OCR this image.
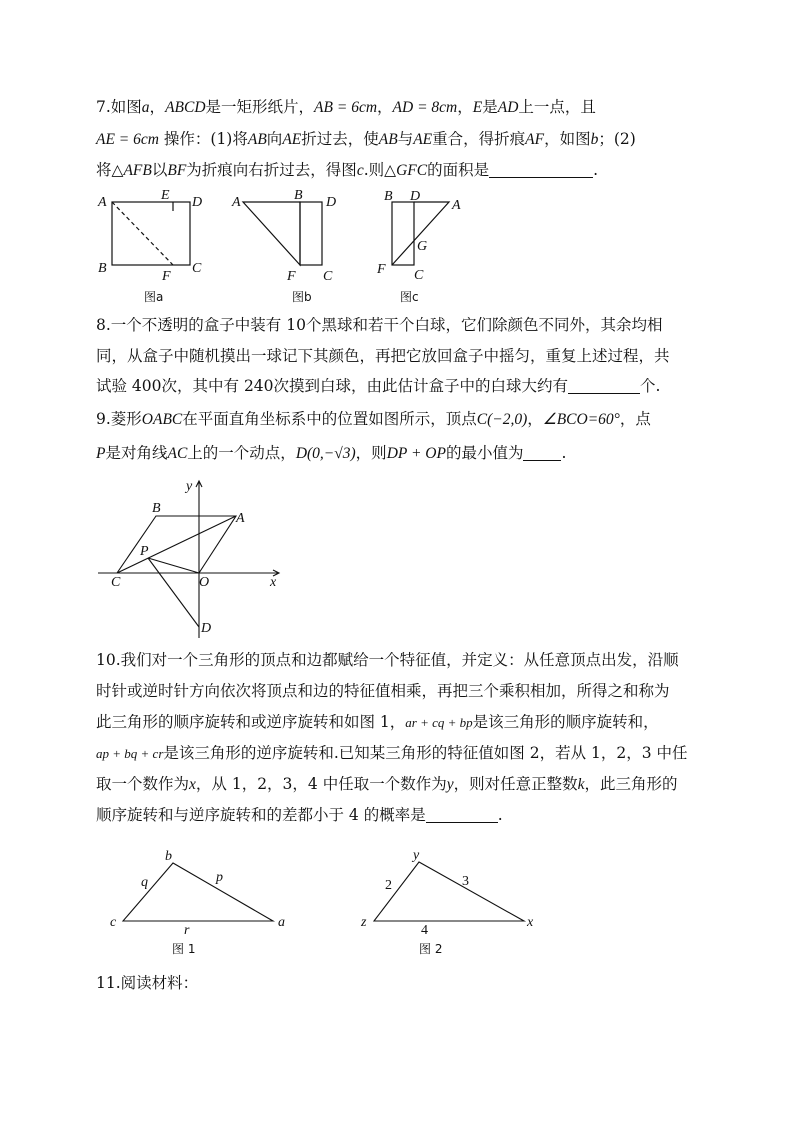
7.如图a，ABCD是一矩形纸片，AB = 6cm，AD = 8cm，E是AD上一点，且
AE = 6cm 操作：(1)将AB向AE折过去，使AB与AE重合，得折痕AF，如图b；(2)
将△AFB以BF为折痕向右折过去，得图c.则△GFC的面积是	.
A	E D
B
F
C
图a
A	B D
F C
图b
B D
A
G
F C
图c
8.一个不透明的盒子中装有 10个黑球和若干个白球，它们除颜色不同外，其余均相
同，从盒子中随机摸出一球记下其颜色，再把它放回盒子中摇匀，重复上述过程，共
试验 400次，其中有 240次摸到白球，由此估计盒子中的白球大约有	个.
9.菱形OABC在平面直角坐标系中的位置如图所示，顶点C(−2,0)，∠BCO=60°，点
P是对角线AC上的一个动点，D(0,−√3)，则DP + OP的最小值为 .
y
B
A
P
C	O	x
D
10.我们对一个三角形的顶点和边都赋给一个特征值，并定义：从任意顶点出发，沿顺
时针或逆时针方向依次将顶点和边的特征值相乘，再把三个乘积相加，所得之和称为
此三角形的顺序旋转和或逆序旋转和如图 1，ar + cq + bp是该三角形的顺序旋转和，
ap + bq + cr是该三角形的逆序旋转和.已知某三角形的特征值如图 2，若从 1，2，3 中任
取一个数作为x，从 1，2，3，4 中任取一个数作为y，则对任意正整数k，此三角形的
顺序旋转和与逆序旋转和的差都小于 4 的概率是	.
b
q	p
c
r
a
图 1
y
2	3
z
4
x
图 2
11.阅读材料：
